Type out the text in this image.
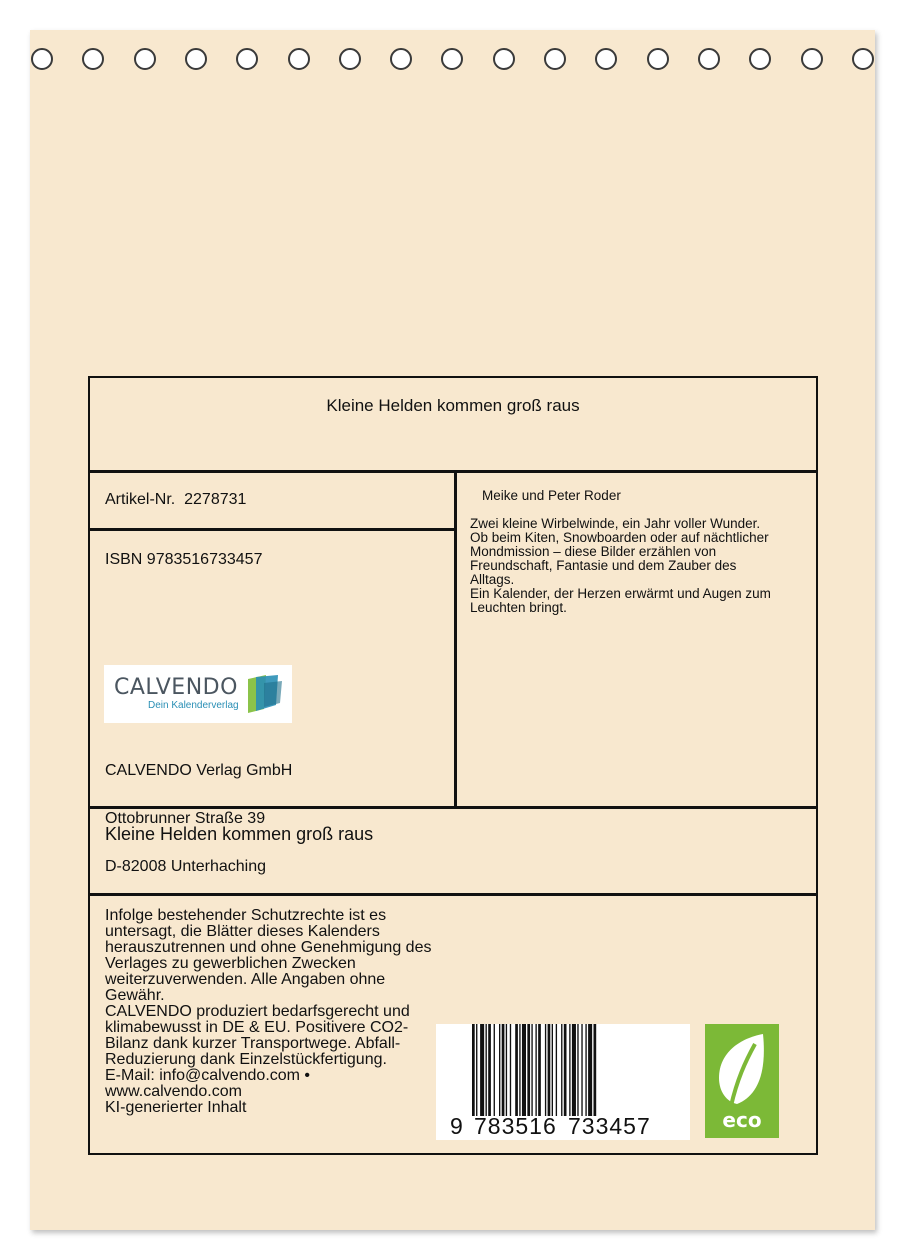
Kleine Helden kommen groß raus
Artikel-Nr. 2278731
ISBN 9783516733457
CALVENDO
Dein Kalenderverlag

CALVENDO Verlag GmbH

Ottobrunner Straße 39

D-82008 Unterhaching

Meike und Peter Roder
Zwei kleine Wirbelwinde, ein Jahr voller Wunder.
Ob beim Kiten, Snowboarden oder auf nächtlicher
Mondmission – diese Bilder erzählen von
Freundschaft, Fantasie und dem Zauber des
Alltags.
Ein Kalender, der Herzen erwärmt und Augen zum
Leuchten bringt.
Kleine Helden kommen groß raus
Infolge bestehender Schutzrechte ist es
untersagt, die Blätter dieses Kalenders
herauszutrennen und ohne Genehmigung des
Verlages zu gewerblichen Zwecken
weiterzuverwenden. Alle Angaben ohne
Gewähr.
CALVENDO produziert bedarfsgerecht und
klimabewusst in DE & EU. Positivere CO2-
Bilanz dank kurzer Transportwege. Abfall-
Reduzierung dank Einzelstückfertigung.
E-Mail: info@calvendo.com •
www.calvendo.com
KI-generierter Inhalt
9 783516 733457	eco
